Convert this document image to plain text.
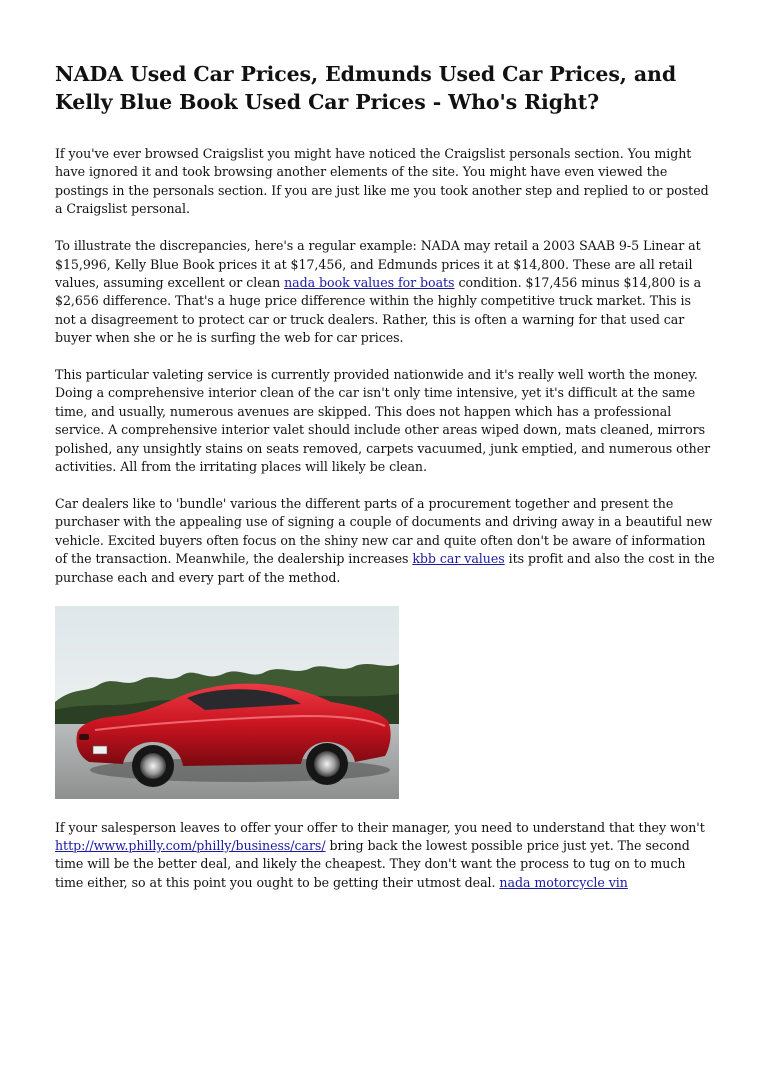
NADA Used Car Prices, Edmunds Used Car Prices, and Kelly Blue Book Used Car Prices - Who's Right?

If you've ever browsed Craigslist you might have noticed the Craigslist personals section. You might have ignored it and took browsing another elements of the site. You might have even viewed the postings in the personals section. If you are just like me you took another step and replied to or posted a Craigslist personal.

To illustrate the discrepancies, here's a regular example: NADA may retail a 2003 SAAB 9-5 Linear at $15,996, Kelly Blue Book prices it at $17,456, and Edmunds prices it at $14,800. These are all retail values, assuming excellent or clean nada book values for boats condition. $17,456 minus $14,800 is a $2,656 difference. That's a huge price difference within the highly competitive truck market. This is not a disagreement to protect car or truck dealers. Rather, this is often a warning for that used car buyer when she or he is surfing the web for car prices.

This particular valeting service is currently provided nationwide and it's really well worth the money. Doing a comprehensive interior clean of the car isn't only time intensive, yet it's difficult at the same time, and usually, numerous avenues are skipped. This does not happen which has a professional service. A comprehensive interior valet should include other areas wiped down, mats cleaned, mirrors polished, any unsightly stains on seats removed, carpets vacuumed, junk emptied, and numerous other activities. All from the irritating places will likely be clean.

Car dealers like to 'bundle' various the different parts of a procurement together and present the purchaser with the appealing use of signing a couple of documents and driving away in a beautiful new vehicle. Excited buyers often focus on the shiny new car and quite often don't be aware of information of the transaction. Meanwhile, the dealership increases kbb car values its profit and also the cost in the purchase each and every part of the method.

If your salesperson leaves to offer your offer to their manager, you need to understand that they won't http://www.philly.com/philly/business/cars/ bring back the lowest possible price just yet. The second time will be the better deal, and likely the cheapest. They don't want the process to tug on to much time either, so at this point you ought to be getting their utmost deal. nada motorcycle vin
